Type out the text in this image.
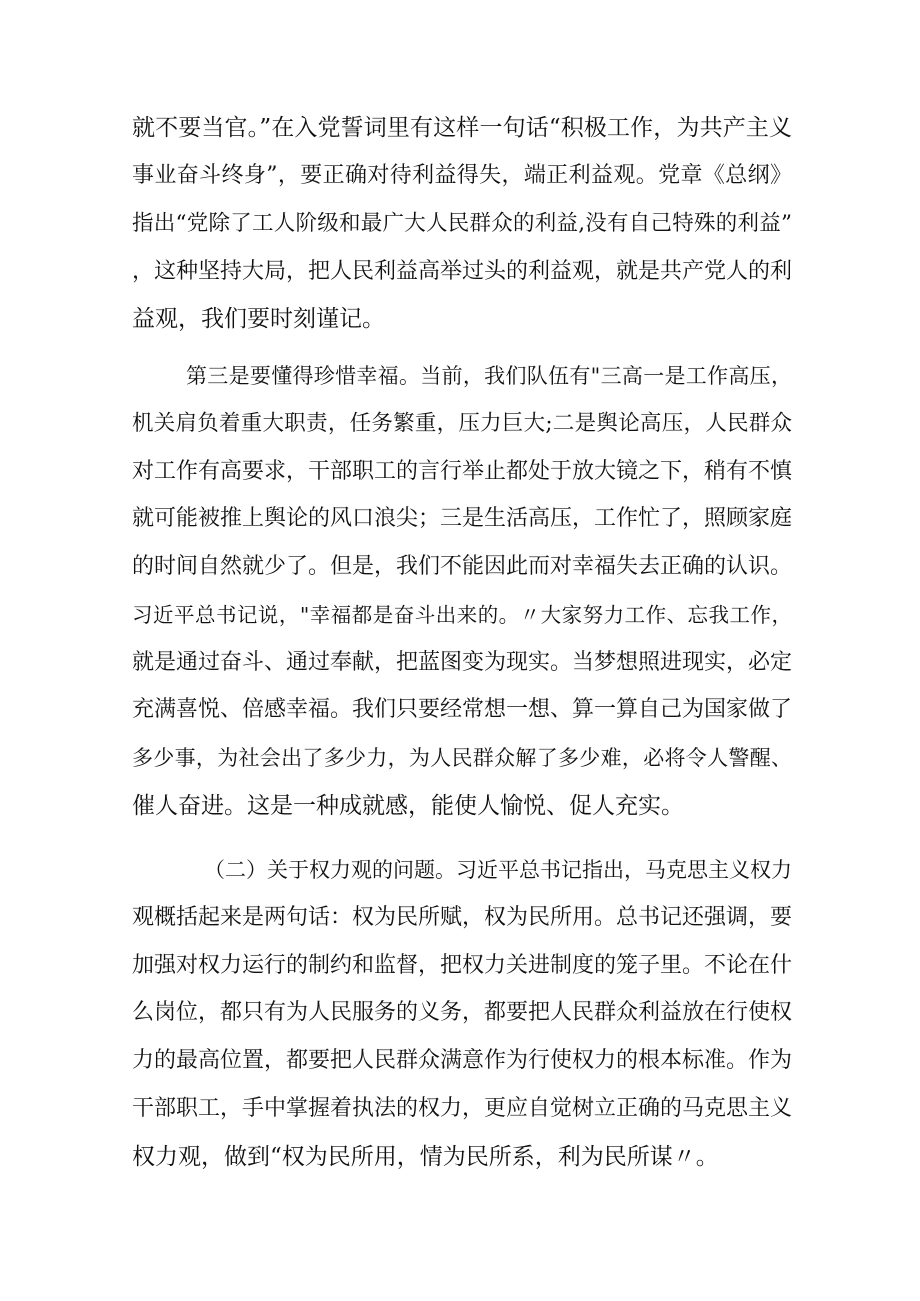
就不要当官。”在入党誓词里有这样一句话“积极工作，为共产主义
事业奋斗终身”，要正确对待利益得失，端正利益观。党章《总纲》
指出“党除了工人阶级和最广大人民群众的利益,没有自己特殊的利益”
，这种坚持大局，把人民利益高举过头的利益观，就是共产党人的利
益观，我们要时刻谨记。
第三是要懂得珍惜幸福。当前，我们队伍有"三高一是工作高压，
机关肩负着重大职责，任务繁重，压力巨大;二是舆论高压，人民群众
对工作有高要求，干部职工的言行举止都处于放大镜之下，稍有不慎
就可能被推上舆论的风口浪尖；三是生活高压，工作忙了，照顾家庭
的时间自然就少了。但是，我们不能因此而对幸福失去正确的认识。
习近平总书记说，"幸福都是奋斗出来的。〃大家努力工作、忘我工作，
就是通过奋斗、通过奉献，把蓝图变为现实。当梦想照进现实，必定
充满喜悦、倍感幸福。我们只要经常想一想、算一算自己为国家做了
多少事，为社会出了多少力，为人民群众解了多少难，必将令人警醒、
催人奋进。这是一种成就感，能使人愉悦、促人充实。
（二）关于权力观的问题。习近平总书记指出，马克思主义权力
观概括起来是两句话：权为民所赋，权为民所用。总书记还强调，要
加强对权力运行的制约和监督，把权力关进制度的笼子里。不论在什
么岗位，都只有为人民服务的义务，都要把人民群众利益放在行使权
力的最高位置，都要把人民群众满意作为行使权力的根本标准。作为
干部职工，手中掌握着执法的权力，更应自觉树立正确的马克思主义
权力观，做到“权为民所用，情为民所系，利为民所谋〃。
